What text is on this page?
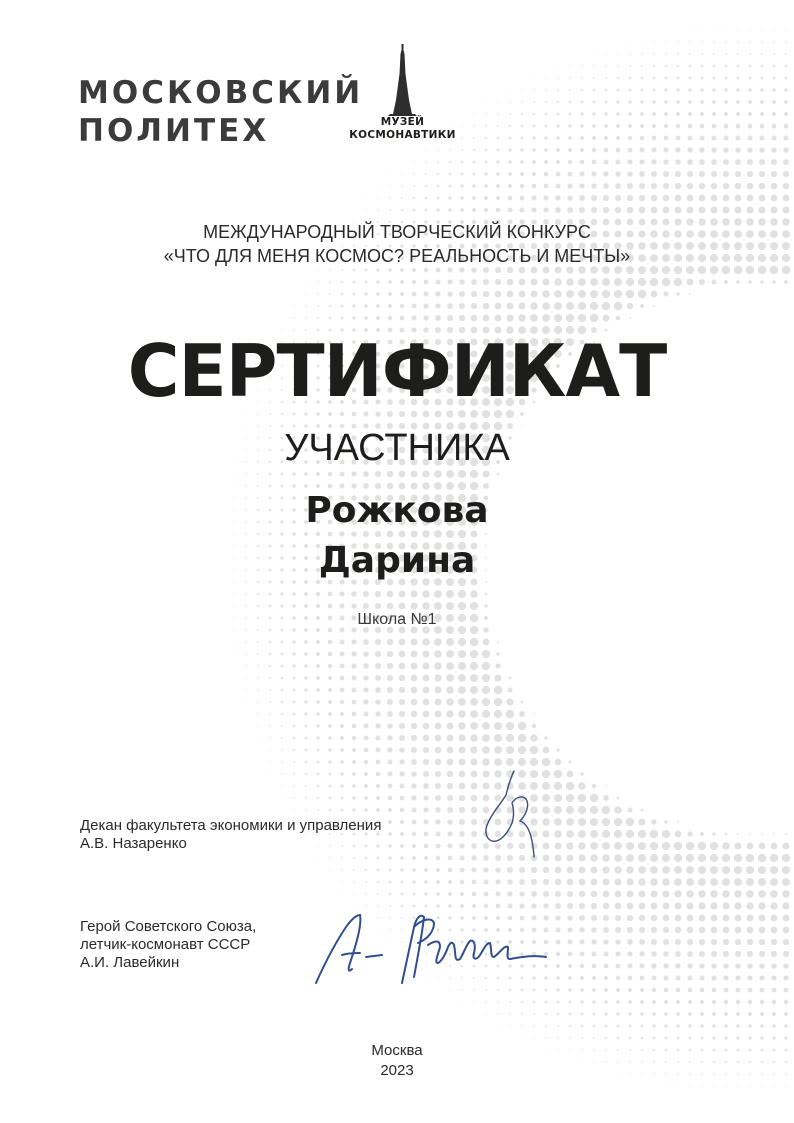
МОСКОВСКИЙ
ПОЛИТЕХ	МУЗЕЙ
КОСМОНАВТИКИ
МЕЖДУНАРОДНЫЙ ТВОРЧЕСКИЙ КОНКУРС
«ЧТО ДЛЯ МЕНЯ КОСМОС? РЕАЛЬНОСТЬ И МЕЧТЫ»
СЕРТИФИКАТ
УЧАСТНИКА
Рожкова
Дарина
Школа №1
Декан факультета экономики и управления
А.В. Назаренко
Герой Советского Союза,
летчик-космонавт СССР
А.И. Лавейкин
Москва
2023
